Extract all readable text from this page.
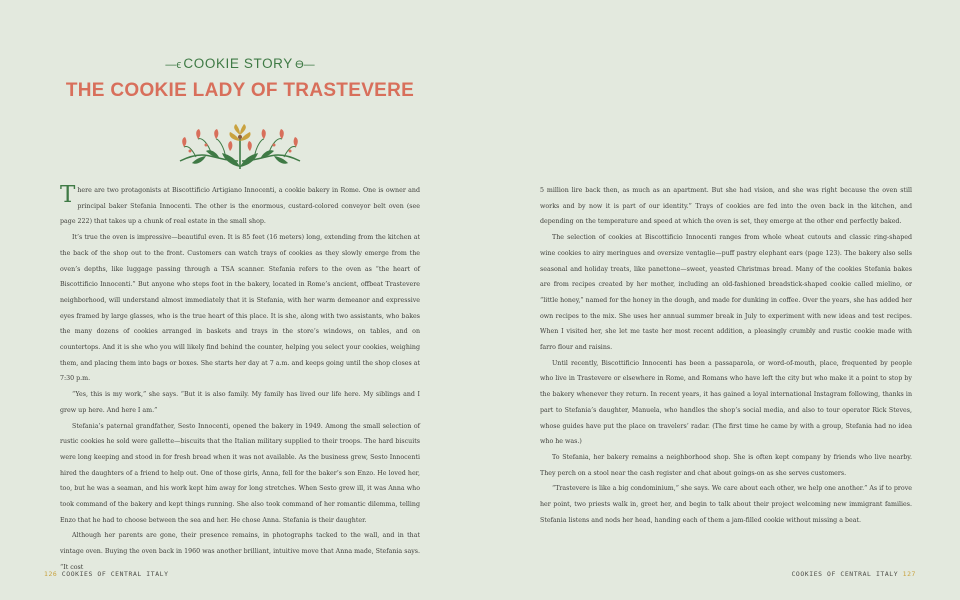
—ϵ COOKIE STORY ϴ—
THE COOKIE LADY OF TRASTEVERE

There are two protagonists at Biscottificio Artigiano Innocenti, a cookie bakery in Rome. One is owner and principal baker Stefania Innocenti. The other is the enormous, custard-colored conveyor belt oven (see page 222) that takes up a chunk of real estate in the small shop.

It’s true the oven is impressive—beautiful even. It is 85 feet (16 meters) long, extending from the kitchen at the back of the shop out to the front. Customers can watch trays of cookies as they slowly emerge from the oven’s depths, like luggage passing through a TSA scanner. Stefania refers to the oven as “the heart of Biscottificio Innocenti.” But anyone who steps foot in the bakery, located in Rome’s ancient, offbeat Trastevere neighborhood, will understand almost immediately that it is Stefania, with her warm demeanor and expressive eyes framed by large glasses, who is the true heart of this place. It is she, along with two assistants, who bakes the many dozens of cookies arranged in baskets and trays in the store’s windows, on tables, and on countertops. And it is she who you will likely find behind the counter, helping you select your cookies, weighing them, and placing them into bags or boxes. She starts her day at 7 a.m. and keeps going until the shop closes at 7:30 p.m.

“Yes, this is my work,” she says. “But it is also family. My family has lived our life here. My siblings and I grew up here. And here I am.”

Stefania’s paternal grandfather, Sesto Innocenti, opened the bakery in 1949. Among the small selection of rustic cookies he sold were gallette—biscuits that the Italian military supplied to their troops. The hard biscuits were long keeping and stood in for fresh bread when it was not available. As the business grew, Sesto Innocenti hired the daughters of a friend to help out. One of those girls, Anna, fell for the baker’s son Enzo. He loved her, too, but he was a seaman, and his work kept him away for long stretches. When Sesto grew ill, it was Anna who took command of the bakery and kept things running. She also took command of her romantic dilemma, telling Enzo that he had to choose between the sea and her. He chose Anna. Stefania is their daughter.

Although her parents are gone, their presence remains, in photographs tacked to the wall, and in that vintage oven. Buying the oven back in 1960 was another brilliant, intuitive move that Anna made, Stefania says. “It cost

126 COOKIES OF CENTRAL ITALY

5 million lire back then, as much as an apartment. But she had vision, and she was right because the oven still works and by now it is part of our identity.” Trays of cookies are fed into the oven back in the kitchen, and depending on the temperature and speed at which the oven is set, they emerge at the other end perfectly baked.

The selection of cookies at Biscottificio Innocenti ranges from whole wheat cutouts and classic ring-shaped wine cookies to airy meringues and oversize ventaglie—puff pastry elephant ears (page 123). The bakery also sells seasonal and holiday treats, like panettone—sweet, yeasted Christmas bread. Many of the cookies Stefania bakes are from recipes created by her mother, including an old-fashioned breadstick-shaped cookie called mielino, or “little honey,” named for the honey in the dough, and made for dunking in coffee. Over the years, she has added her own recipes to the mix. She uses her annual summer break in July to experiment with new ideas and test recipes. When I visited her, she let me taste her most recent addition, a pleasingly crumbly and rustic cookie made with farro flour and raisins.

Until recently, Biscottificio Innocenti has been a passaparola, or word-of-mouth, place, frequented by people who live in Trastevere or elsewhere in Rome, and Romans who have left the city but who make it a point to stop by the bakery whenever they return. In recent years, it has gained a loyal international Instagram following, thanks in part to Stefania’s daughter, Manuela, who handles the shop’s social media, and also to tour operator Rick Steves, whose guides have put the place on travelers’ radar. (The first time he came by with a group, Stefania had no idea who he was.)

To Stefania, her bakery remains a neighborhood shop. She is often kept company by friends who live nearby. They perch on a stool near the cash register and chat about goings-on as she serves customers.

“Trastevere is like a big condominium,” she says. We care about each other, we help one another.” As if to prove her point, two priests walk in, greet her, and begin to talk about their project welcoming new immigrant families. Stefania listens and nods her head, handing each of them a jam-filled cookie without missing a beat.

COOKIES OF CENTRAL ITALY 127
